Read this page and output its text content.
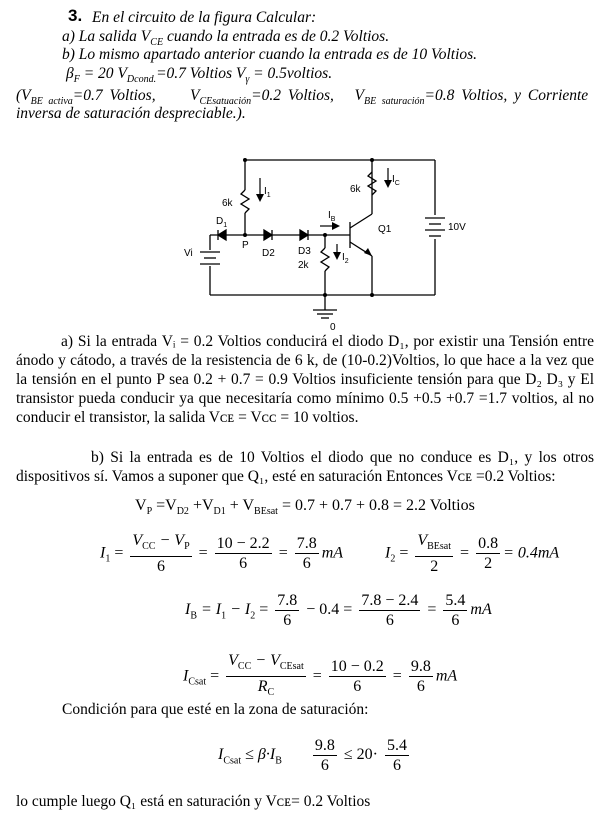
3. En el circuito de la figura Calcular:
a) La salida $V_{CE}$ cuando la entrada es de 0.2 Voltios.
b) Lo mismo apartado anterior cuando la entrada es de 10 Voltios.
$\beta_F = 20$ $V_{Dcond.}=0.7$ Voltios $V_\gamma$ = 0.5voltios.
($V_{BE activa}=0.7$ Voltios, $V_{CEsatuación}=0.2$ Voltios, $V_{BE saturación}=0.8$ Voltios, y Corriente
inversa de saturación despreciable.).
6k
$I_1$
$D_1$
P
D2 D3
2k
$I_2$
$I_B$
6k
$I_C$
Q1	10V
Vi
0
a) Si la entrada Vᵢ = 0.2 Voltios conducirá el diodo D₁, por existir una Tensión entre ánodo y cátodo, a través de la resistencia de 6 k, de (10-0.2)Voltios, lo que hace a la vez que la tensión en el punto P sea 0.2 + 0.7 = 0.9 Voltios insuficiente tensión para que D₂ D₃ y El transistor pueda conducir ya que necesitaría como mínimo 0.5 +0.5 +0.7 =1.7 voltios, al no conducir el transistor, la salida Vᴄᴇ = Vᴄᴄ = 10 voltios.
b) Si la entrada es de 10 Voltios el diodo que no conduce es D₁, y los otros dispositivos sí. Vamos a suponer que Q₁, esté en saturación Entonces Vᴄᴇ =0.2 Voltios:
$V_P =V_{D2} +V_{D1} + V_{BEsat} = 0.7 + 0.7 + 0.8 = 2.2$ Voltios
$I_1 = \frac{V_{CC} - V_P}{6} = \frac{10 - 2.2}{6} = \frac{7.8}{6}$ mA	$I_2 = \frac{V_{BEsat}}{2} = \frac{0.8}{2} = 0.4mA$
$I_B = I_1 - I_2 = \frac{7.8}{6} - 0.4 = \frac{7.8 - 2.4}{6} = \frac{5.4}{6}$ mA
$I_{Csat} = \frac{V_{CC} - V_{CEsat}}{R_C} = \frac{10 - 0.2}{6} = \frac{9.8}{6}$ mA
Condición para que esté en la zona de saturación:
$I_{Csat} \le \beta\cdot I_B \frac{9.8}{6} \le 20\cdot \frac{5.4}{6}$
lo cumple luego Q₁ está en saturación y Vᴄᴇ= 0.2 Voltios
